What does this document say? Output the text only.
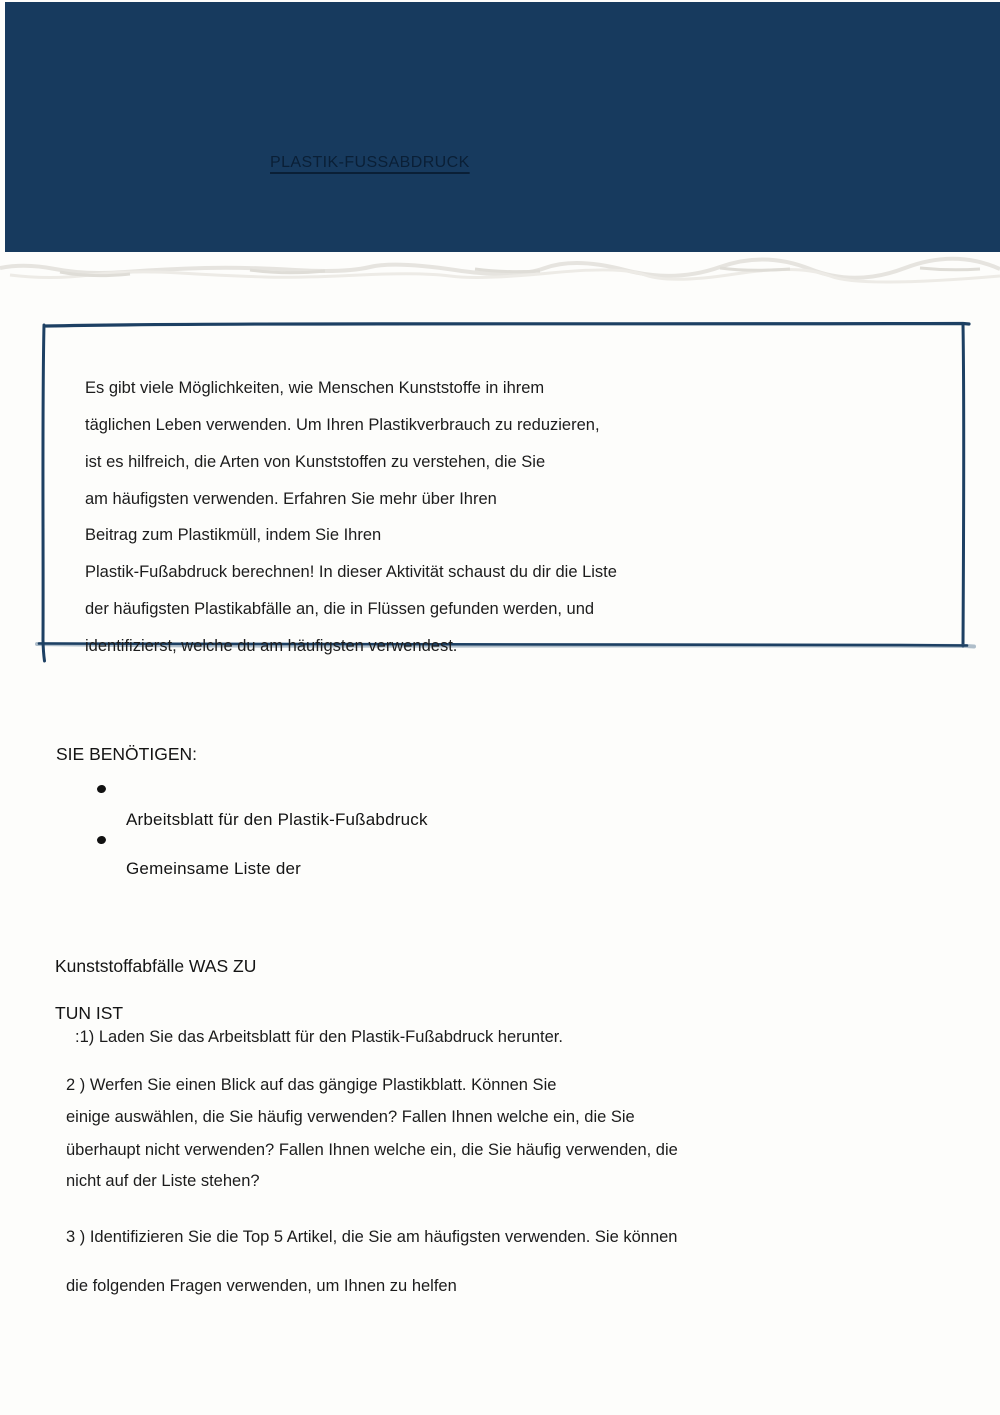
PLASTIK-FUSSABDRUCK
Es gibt viele Möglichkeiten, wie Menschen Kunststoffe in ihrem
täglichen Leben verwenden. Um Ihren Plastikverbrauch zu reduzieren,
ist es hilfreich, die Arten von Kunststoffen zu verstehen, die Sie
am häufigsten verwenden. Erfahren Sie mehr über Ihren
Beitrag zum Plastikmüll, indem Sie Ihren
Plastik-Fußabdruck berechnen! In dieser Aktivität schaust du dir die Liste
der häufigsten Plastikabfälle an, die in Flüssen gefunden werden, und
identifizierst, welche du am häufigsten verwendest.
SIE BENÖTIGEN:
Arbeitsblatt für den Plastik-Fußabdruck
Gemeinsame Liste der
Kunststoffabfälle WAS ZU
TUN IST
:1) Laden Sie das Arbeitsblatt für den Plastik-Fußabdruck herunter.
2 ) Werfen Sie einen Blick auf das gängige Plastikblatt. Können Sie
einige auswählen, die Sie häufig verwenden? Fallen Ihnen welche ein, die Sie
überhaupt nicht verwenden? Fallen Ihnen welche ein, die Sie häufig verwenden, die
nicht auf der Liste stehen?
3 ) Identifizieren Sie die Top 5 Artikel, die Sie am häufigsten verwenden. Sie können
die folgenden Fragen verwenden, um Ihnen zu helfen
